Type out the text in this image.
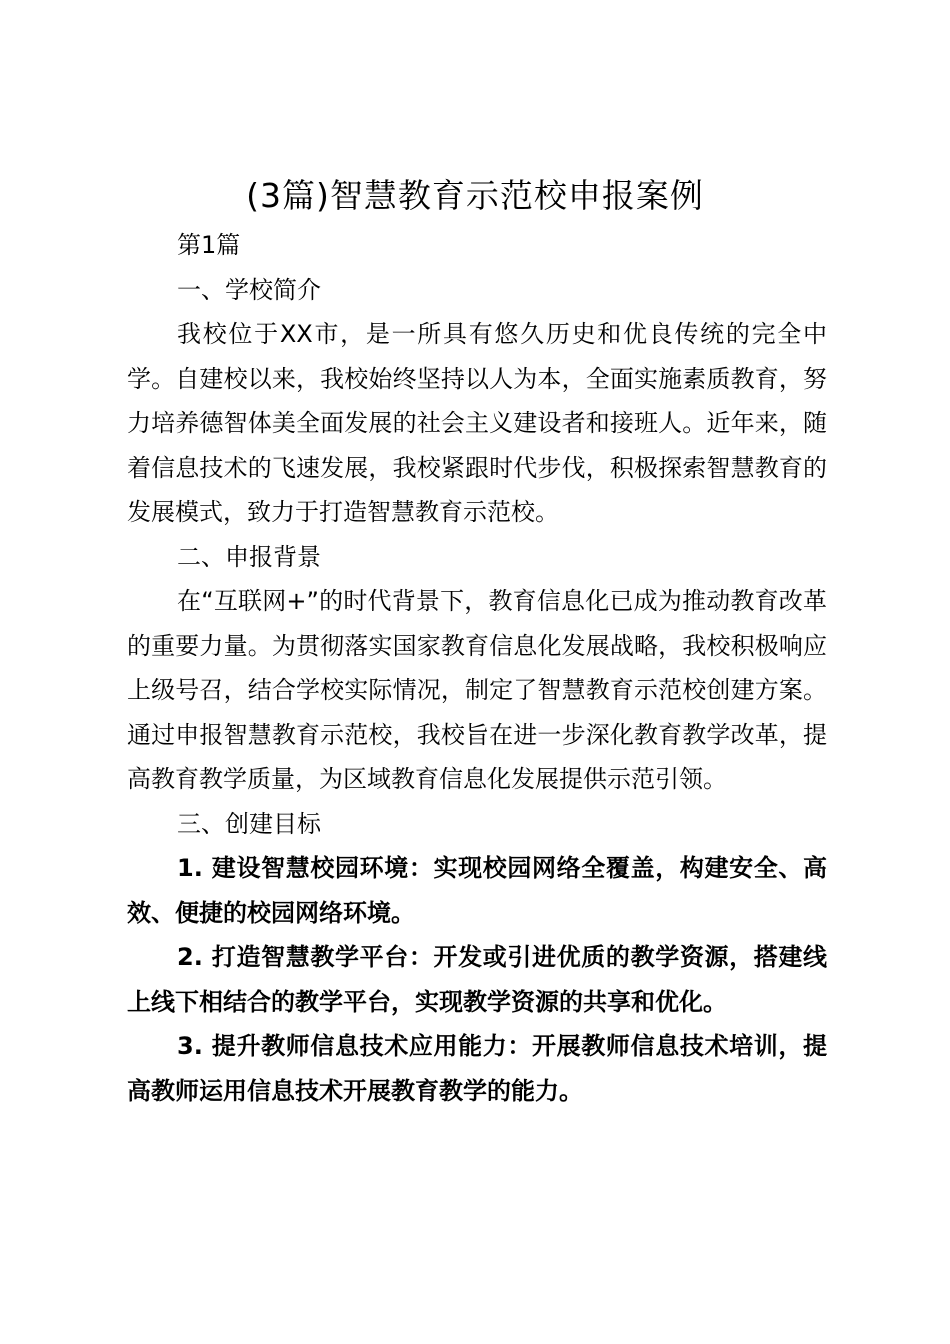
(3篇)智慧教育示范校申报案例

第1篇

一、学校简介

我校位于XX市，是一所具有悠久历史和优良传统的完全中学。自建校以来，我校始终坚持以人为本，全面实施素质教育，努力培养德智体美全面发展的社会主义建设者和接班人。近年来，随着信息技术的飞速发展，我校紧跟时代步伐，积极探索智慧教育的发展模式，致力于打造智慧教育示范校。

二、申报背景

在“互联网+”的时代背景下，教育信息化已成为推动教育改革的重要力量。为贯彻落实国家教育信息化发展战略，我校积极响应上级号召，结合学校实际情况，制定了智慧教育示范校创建方案。通过申报智慧教育示范校，我校旨在进一步深化教育教学改革，提高教育教学质量，为区域教育信息化发展提供示范引领。

三、创建目标

1. 建设智慧校园环境：实现校园网络全覆盖，构建安全、高效、便捷的校园网络环境。

2. 打造智慧教学平台：开发或引进优质的教学资源，搭建线上线下相结合的教学平台，实现教学资源的共享和优化。

3. 提升教师信息技术应用能力：开展教师信息技术培训，提高教师运用信息技术开展教育教学的能力。
